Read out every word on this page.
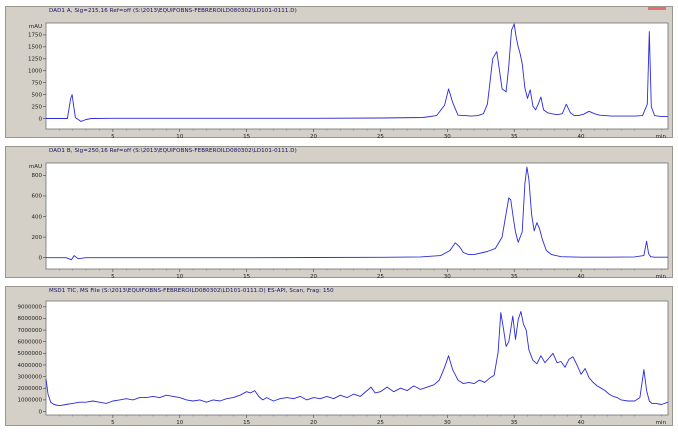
DAD1 A, Sig=215,16 Ref=off (S:\2013\EQUIFOBNS-FEBREROILD080302\LD101-0111.D)
0
250
500
750
1000
1250
1500
1750
mAU
5	10	15	20	25	30	35	40	min
DAD1 B, Sig=250,16 Ref=off (S:\2013\EQUIFOBNS-FEBREROILD080302\LD101-0111.D)
0
200
400
600
800
mAU
5	10	15	20	25	30	35	40	min
MSD1 TIC, MS File (S:\2013\EQUIFOBNS-FEBREROILD080302\LD101-0111.D) ES-API, Scan, Frag: 150
0
1000000
2000000
3000000
4000000
5000000
6000000
7000000
8000000
9000000
5	10	15	20	25	30	35	40	min
